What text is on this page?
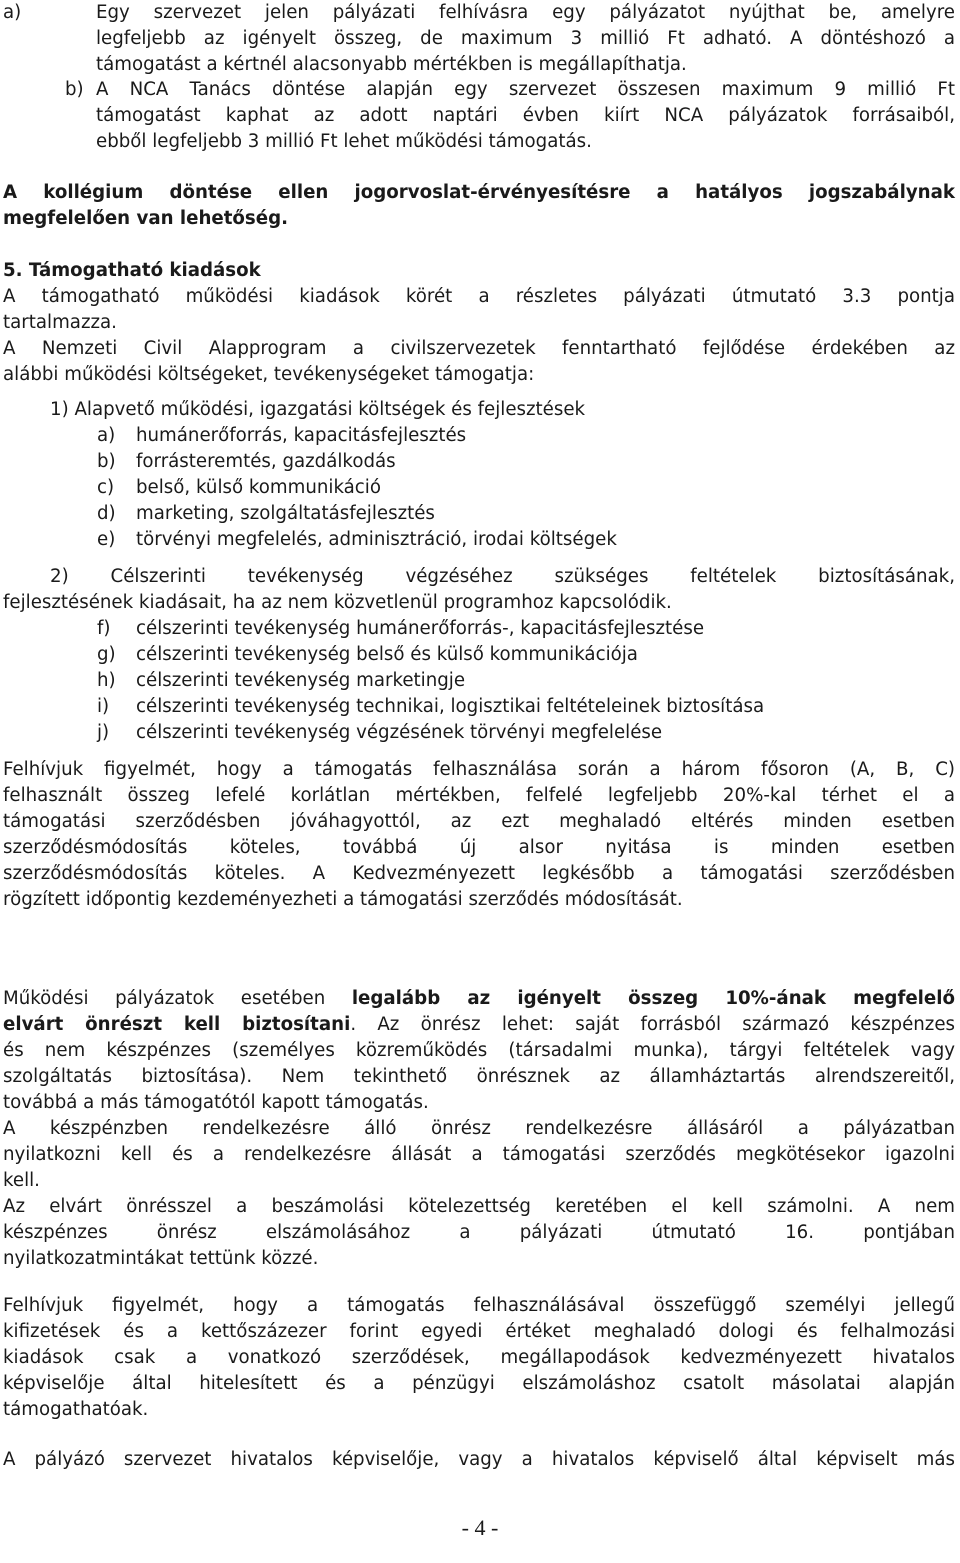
a)	Egy szervezet jelen pályázati felhívásra egy pályázatot nyújthat be, amelyre

legfeljebb az igényelt összeg, de maximum 3 millió Ft adható. A döntéshozó a

támogatást a kértnél alacsonyabb mértékben is megállapíthatja.

b) A NCA Tanács döntése alapján egy szervezet összesen maximum 9 millió Ft

támogatást kaphat az adott naptári évben kiírt NCA pályázatok forrásaiból,

ebből legfeljebb 3 millió Ft lehet működési támogatás.

A kollégium döntése ellen jogorvoslat-érvényesítésre a hatályos jogszabálynak

megfelelően van lehetőség.

5. Támogatható kiadások

A támogatható működési kiadások körét a részletes pályázati útmutató 3.3 pontja

tartalmazza.

A Nemzeti Civil Alapprogram a civilszervezetek fenntartható fejlődése érdekében az

alábbi működési költségeket, tevékenységeket támogatja:

1) Alapvető működési, igazgatási költségek és fejlesztések

a)	humánerőforrás, kapacitásfejlesztés
b)	forrásteremtés, gazdálkodás
c)	belső, külső kommunikáció
d)	marketing, szolgáltatásfejlesztés
e)	törvényi megfelelés, adminisztráció, irodai költségek

2) Célszerinti tevékenység végzéséhez szükséges feltételek biztosításának,

fejlesztésének kiadásait, ha az nem közvetlenül programhoz kapcsolódik.

f)	célszerinti tevékenység humánerőforrás-, kapacitásfejlesztése
g)	célszerinti tevékenység belső és külső kommunikációja
h)	célszerinti tevékenység marketingje
i)	célszerinti tevékenység technikai, logisztikai feltételeinek biztosítása
j)	célszerinti tevékenység végzésének törvényi megfelelése

Felhívjuk figyelmét, hogy a támogatás felhasználása során a három fősoron (A, B, C)

felhasznált összeg lefelé korlátlan mértékben, felfelé legfeljebb 20%-kal térhet el a

támogatási szerződésben jóváhagyottól, az ezt meghaladó eltérés minden esetben

szerződésmódosítás köteles, továbbá új alsor nyitása is minden esetben

szerződésmódosítás köteles. A Kedvezményezett legkésőbb a támogatási szerződésben

rögzített időpontig kezdeményezheti a támogatási szerződés módosítását.

Működési pályázatok esetében legalább az igényelt összeg 10%-ának megfelelő

elvárt önrészt kell biztosítani. Az önrész lehet: saját forrásból származó készpénzes

és nem készpénzes (személyes közreműködés (társadalmi munka), tárgyi feltételek vagy

szolgáltatás biztosítása). Nem tekinthető önrésznek az államháztartás alrendszereitől,

továbbá a más támogatótól kapott támogatás.

A készpénzben rendelkezésre álló önrész rendelkezésre állásáról a pályázatban

nyilatkozni kell és a rendelkezésre állását a támogatási szerződés megkötésekor igazolni

kell.

Az elvárt önrésszel a beszámolási kötelezettség keretében el kell számolni. A nem

készpénzes önrész elszámolásához a pályázati útmutató 16. pontjában

nyilatkozatmintákat tettünk közzé.

Felhívjuk figyelmét, hogy a támogatás felhasználásával összefüggő személyi jellegű

kifizetések és a kettőszázezer forint egyedi értéket meghaladó dologi és felhalmozási

kiadások csak a vonatkozó szerződések, megállapodások kedvezményezett hivatalos

képviselője által hitelesített és a pénzügyi elszámoláshoz csatolt másolatai alapján

támogathatóak.

A pályázó szervezet hivatalos képviselője, vagy a hivatalos képviselő által képviselt más

- 4 -
